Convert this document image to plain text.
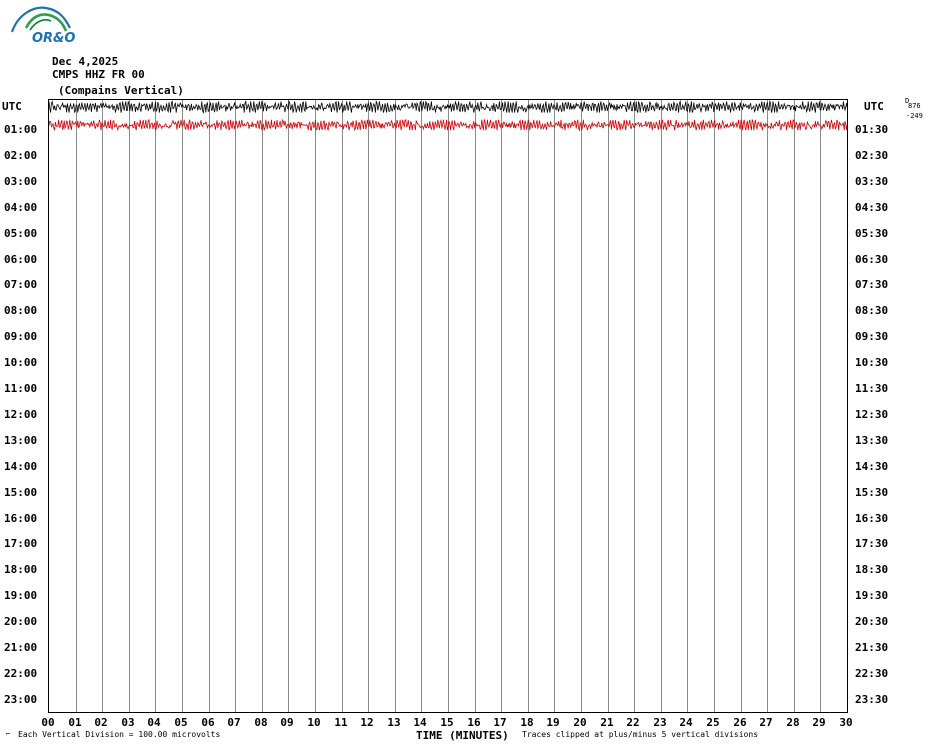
OR&O
Dec 4,2025
CMPS HHZ FR 00
(Compains Vertical)
UTC	UTC	D
876
-249
01:00
02:00
03:00
04:00
05:00
06:00
07:00
08:00
09:00
10:00
11:00
12:00
13:00
14:00
15:00
16:00
17:00
18:00
19:00
20:00
21:00
22:00
23:00
01:30
02:30
03:30
04:30
05:30
06:30
07:30
08:30
09:30
10:30
11:30
12:30
13:30
14:30
15:30
16:30
17:30
18:30
19:30
20:30
21:30
22:30
23:30
00	01	02	03	04	05	06	07	08	09	10	11	12	13	14	15	16	17	18	19	20	21	22	23	24	25	26	27	28	29	30
TIME (MINUTES)
⌐ Each Vertical Division = 100.00 microvolts	Traces clipped at plus/minus 5 vertical divisions
